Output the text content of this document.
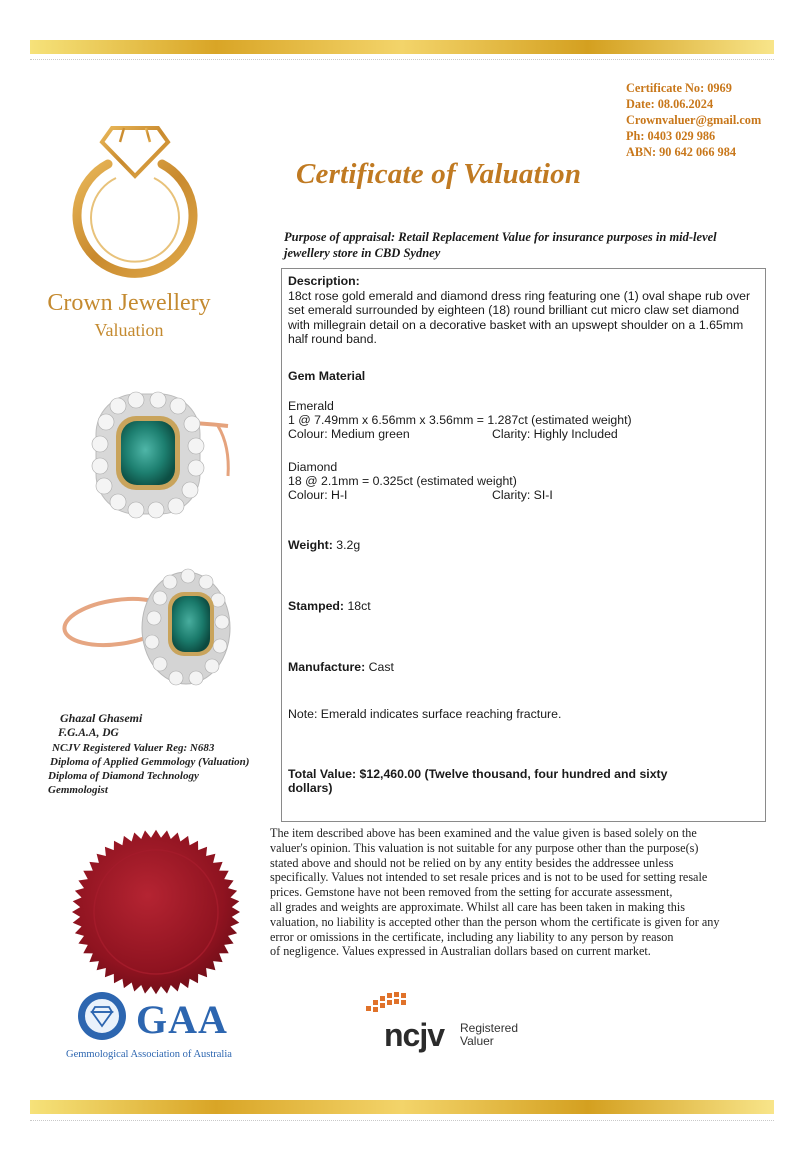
Certificate No: 0969
Date: 08.06.2024
Crownvaluer@gmail.com
Ph: 0403 029 986
ABN: 90 642 066 984
Crown Jewellery
Valuation
Certificate of Valuation
Purpose of appraisal: Retail Replacement Value for insurance purposes in mid-level jewellery store in CBD Sydney
Description:
18ct rose gold emerald and diamond dress ring featuring one (1) oval shape rub over set emerald surrounded by eighteen (18) round brilliant cut micro claw set diamond with millegrain detail on a decorative basket with an upswept shoulder on a 1.65mm half round band.
Gem Material
Emerald
1 @ 7.49mm x 6.56mm x 3.56mm = 1.287ct (estimated weight)
Colour: Medium green	Clarity: Highly Included
Diamond
18 @ 2.1mm = 0.325ct (estimated weight)
Colour: H-I	Clarity: SI-I
Weight: 3.2g
Stamped: 18ct
Manufacture: Cast
Note: Emerald indicates surface reaching fracture.
Total Value: $12,460.00 (Twelve thousand, four hundred and sixty
dollars)
Ghazal Ghasemi
F.G.A.A, DG
NCJV Registered Valuer Reg: N683
Diploma of Applied Gemmology (Valuation)
Diploma of Diamond Technology
Gemmologist
The item described above has been examined and the value given is based solely on the
valuer's opinion. This valuation is not suitable for any purpose other than the purpose(s)
stated above and should not be relied on by any entity besides the addressee unless
specifically. Values not intended to set resale prices and is not to be used for setting resale
prices. Gemstone have not been removed from the setting for accurate assessment,
all grades and weights are approximate. Whilst all care has been taken in making this
valuation, no liability is accepted other than the person whom the certificate is given for any
error or omissions in the certificate, including any liability to any person by reason
of negligence. Values expressed in Australian dollars based on current market.
GAA
Gemmological Association of Australia
ncjv Registered
Valuer
